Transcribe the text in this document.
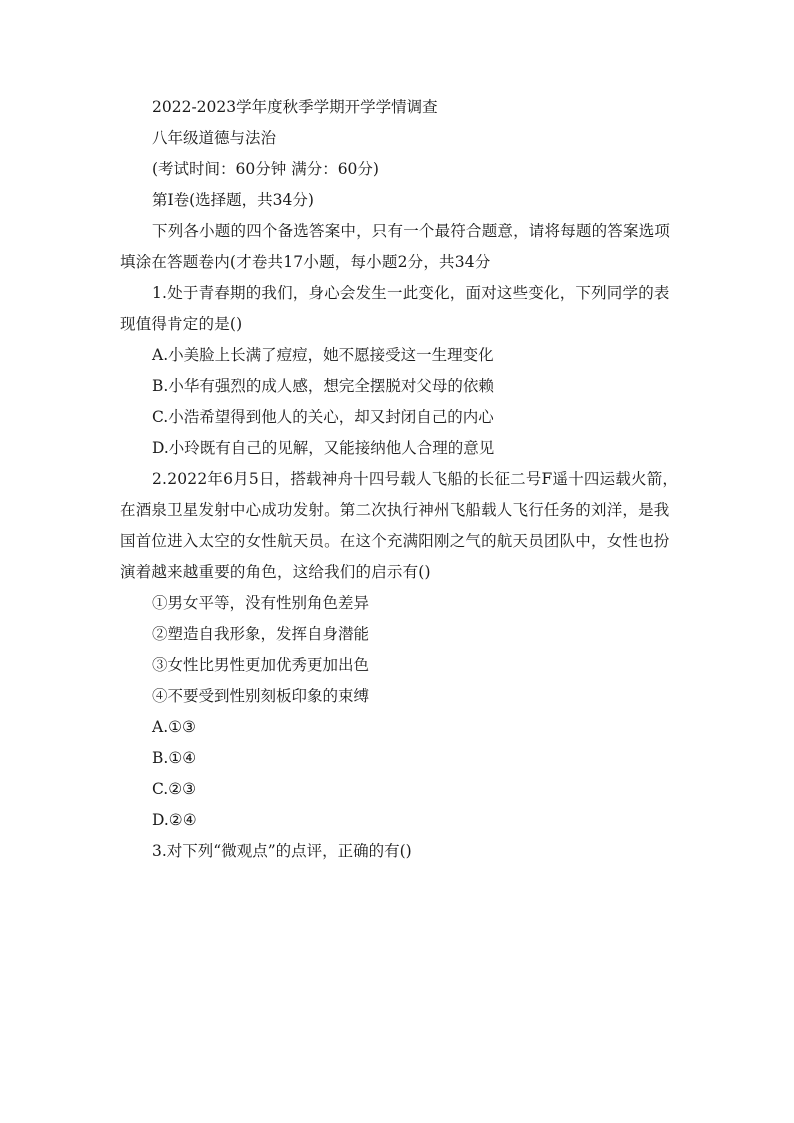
2022-2023学年度秋季学期开学学情调查
八年级道德与法治
(考试时间：60分钟 满分：60分)
第Ⅰ卷(选择题，共34分)
下列各小题的四个备选答案中，只有一个最符合题意，请将每题的答案选项填涂在答题卷内(才卷共17小题，每小题2分，共34分
1.处于青春期的我们，身心会发生一此变化，面对这些变化，下列同学的表现值得肯定的是()
A.小美脸上长满了痘痘，她不愿接受这一生理变化
B.小华有强烈的成人感，想完全摆脱对父母的依赖
C.小浩希望得到他人的关心，却又封闭自己的内心
D.小玲既有自己的见解，又能接纳他人合理的意见
2.2022年6月5日，搭载神舟十四号载人飞船的长征二号F遥十四运载火箭，在酒泉卫星发射中心成功发射。第二次执行神州飞船载人飞行任务的刘洋，是我国首位进入太空的女性航天员。在这个充满阳刚之气的航天员团队中，女性也扮演着越来越重要的角色，这给我们的启示有()
①男女平等，没有性别角色差异
②塑造自我形象，发挥自身潜能
③女性比男性更加优秀更加出色
④不要受到性别刻板印象的束缚
A.①③
B.①④
C.②③
D.②④
3.对下列“微观点”的点评，正确的有()
